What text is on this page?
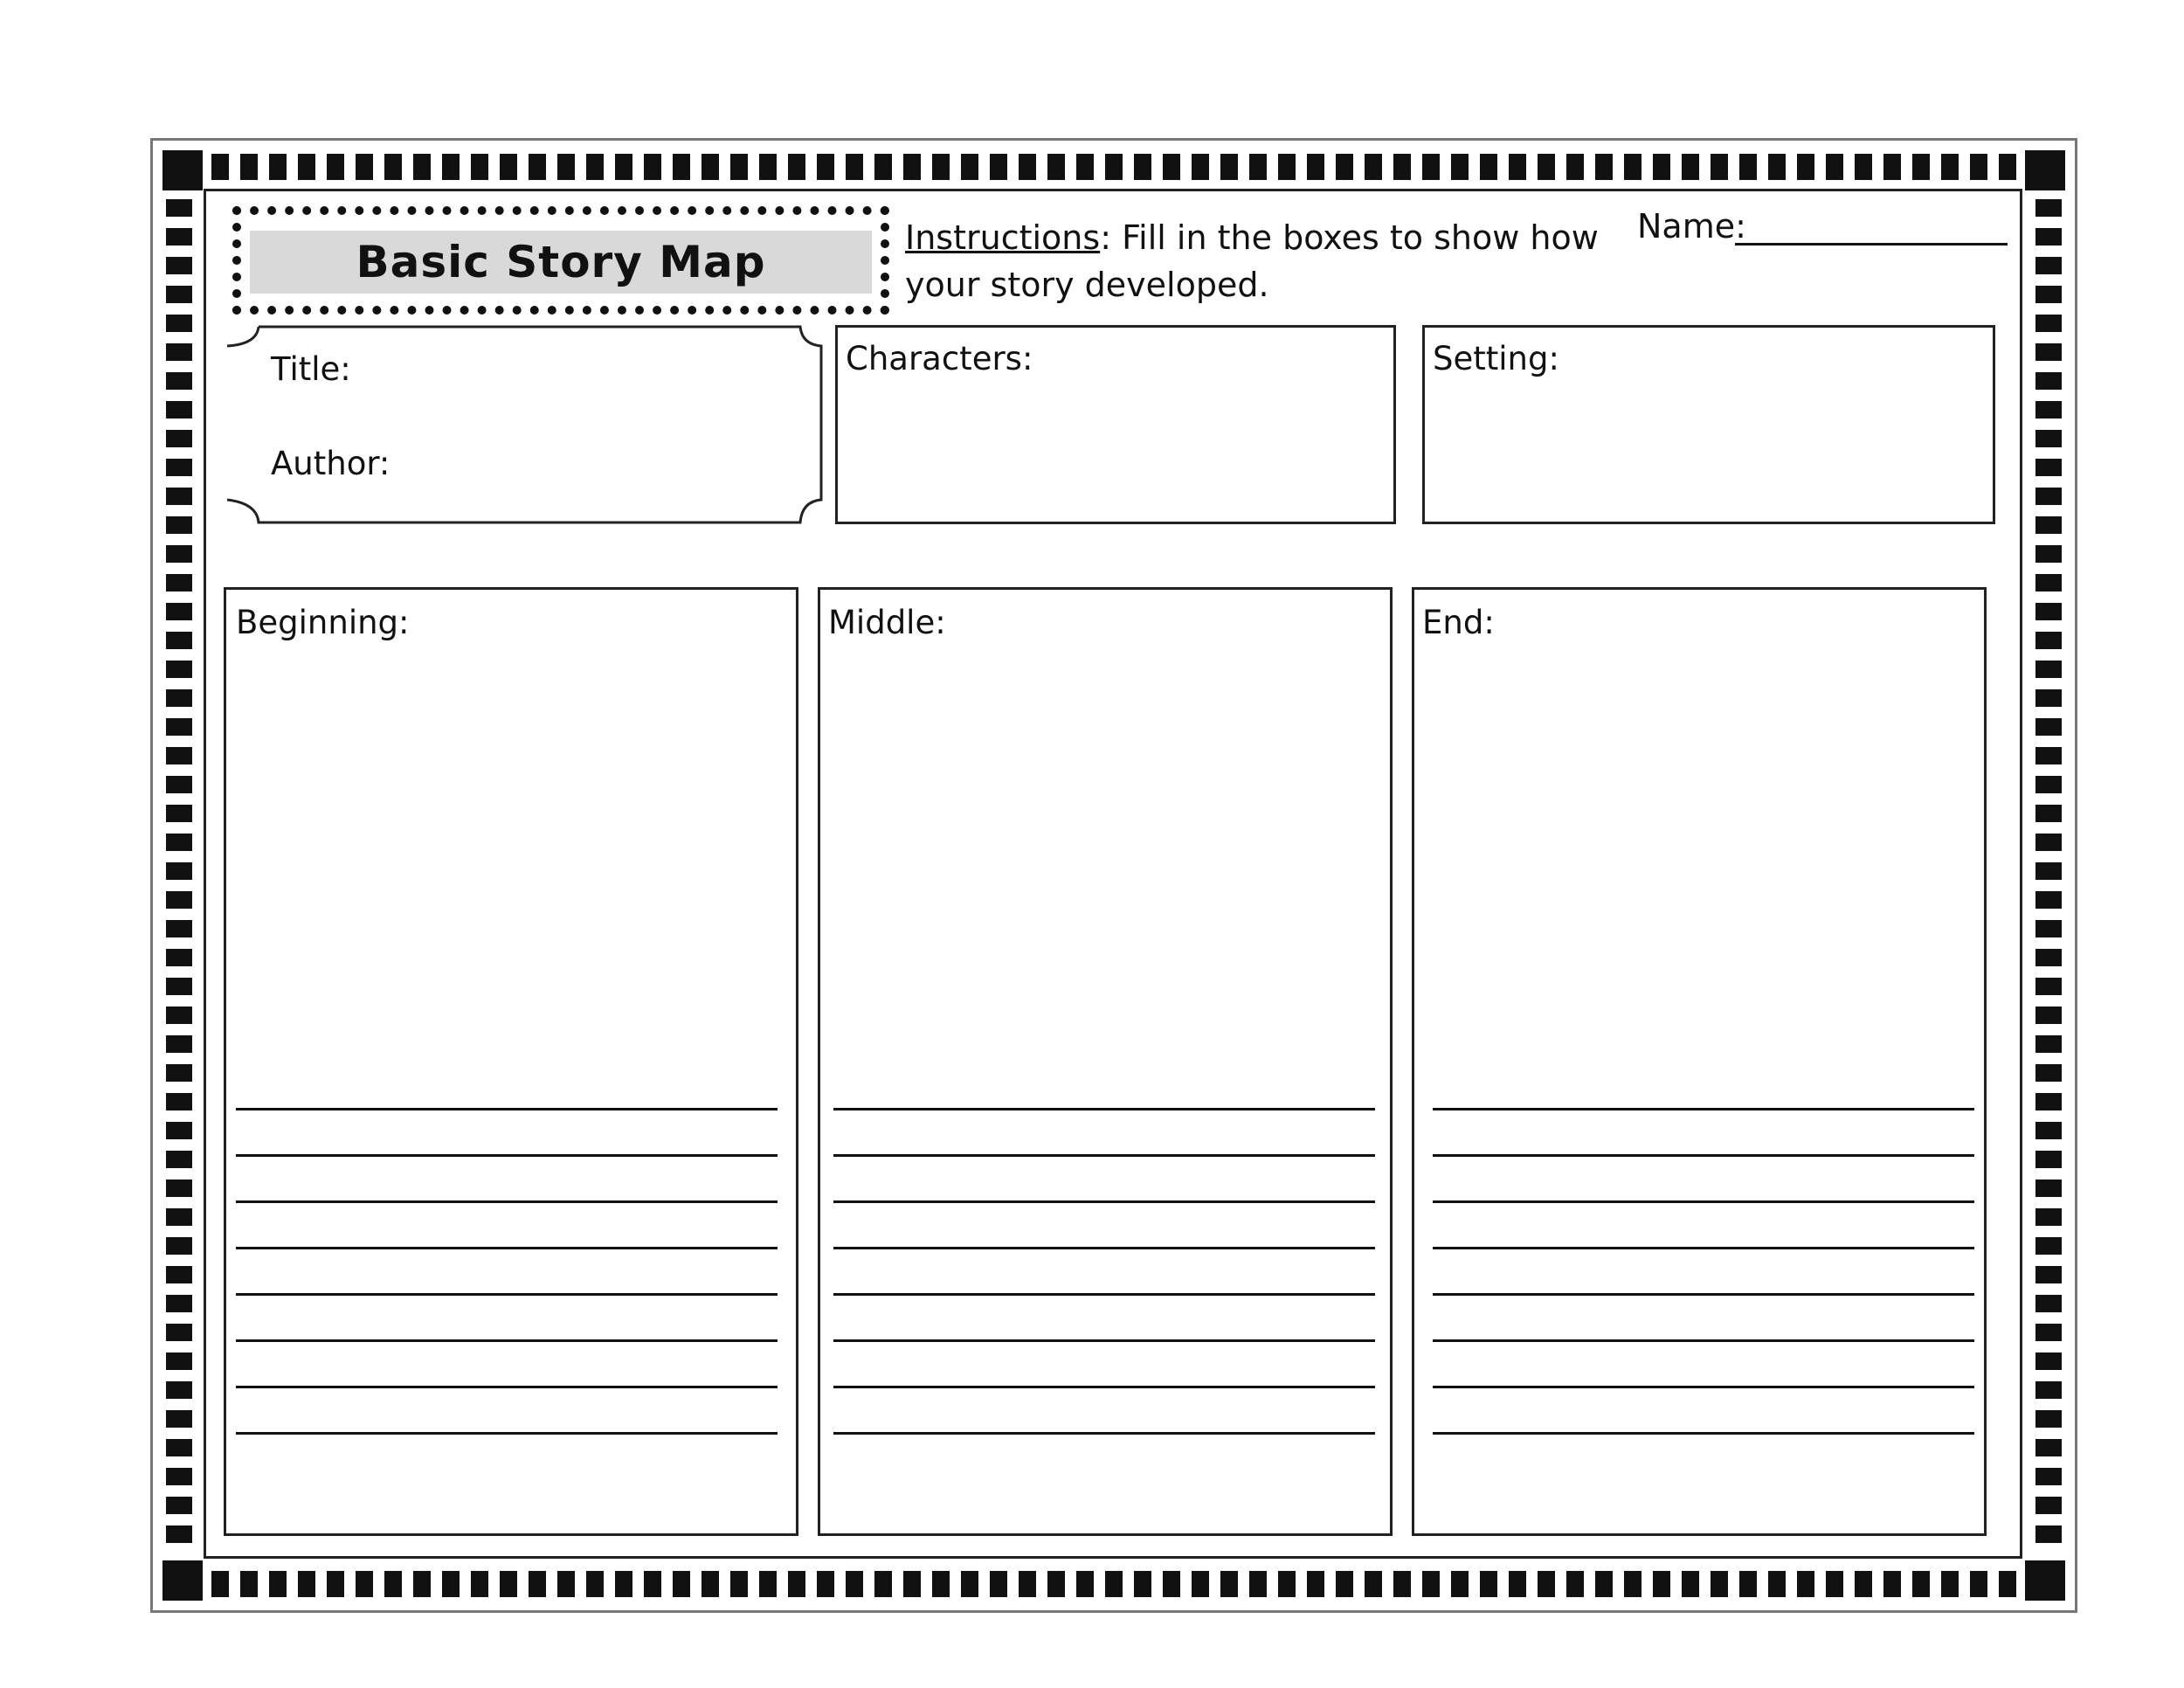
Basic Story Map	Instructions: Fill in the boxes to show how your story developed.
Name:
Title:
Author:
Characters:	Setting:
Beginning:	Middle:	End:
